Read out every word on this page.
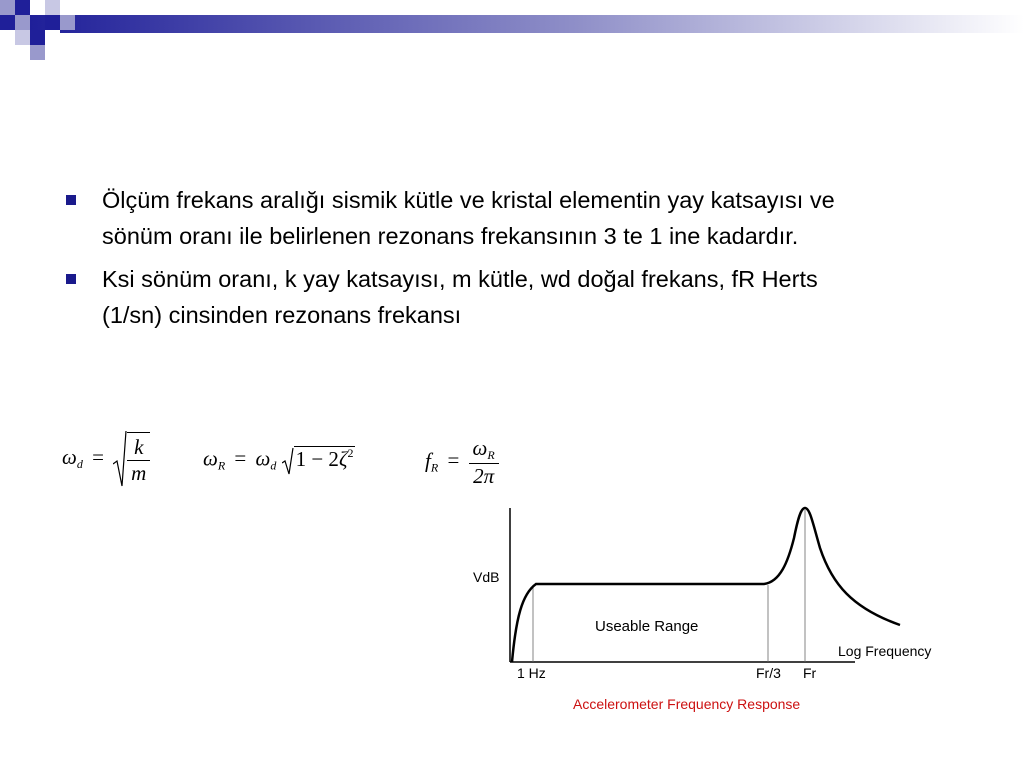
Ölçüm frekans aralığı sismik kütle ve kristal elementin yay katsayısı ve sönüm oranı ile belirlenen rezonans frekansının 3 te 1 ine kadardır.
Ksi sönüm oranı, k yay katsayısı, m kütle, wd doğal frekans, fR Herts (1/sn) cinsinden rezonans frekansı
$\omega_d = \frac{k}{m}$	$\omega_R = \omega_d$ $1 - 2\zeta^2$	$f_R = \frac{\omega_R}{2\pi}$
VdB
Useable Range
Log Frequency
1 Hz	Fr/3 Fr
Accelerometer Frequency Response
